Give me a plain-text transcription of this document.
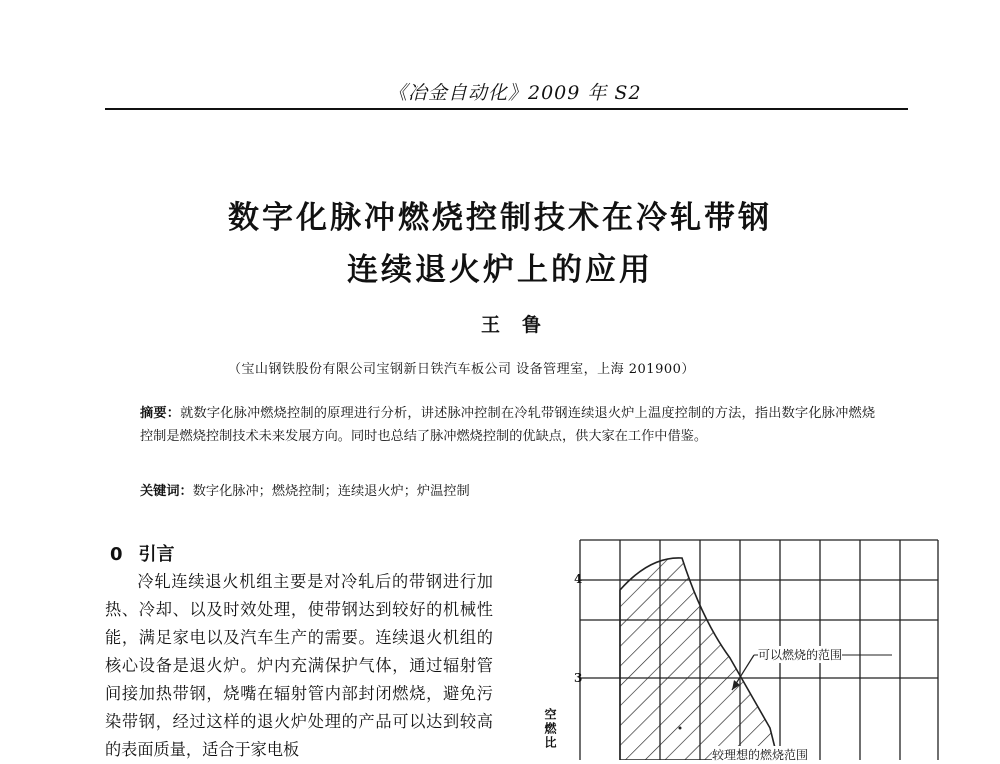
《冶金自动化》2009 年 S2
数字化脉冲燃烧控制技术在冷轧带钢
连续退火炉上的应用
王鲁
（宝山钢铁股份有限公司宝钢新日铁汽车板公司 设备管理室，上海 201900）
摘要：就数字化脉冲燃烧控制的原理进行分析，讲述脉冲控制在冷轧带钢连续退火炉上温度控制的方法，指出数字化脉冲燃烧控制是燃烧控制技术未来发展方向。同时也总结了脉冲燃烧控制的优缺点，供大家在工作中借鉴。
关键词：数字化脉冲；燃烧控制；连续退火炉；炉温控制
0 引言

冷轧连续退火机组主要是对冷轧后的带钢进行加热、冷却、以及时效处理，使带钢达到较好的机械性能，满足家电以及汽车生产的需要。连续退火机组的核心设备是退火炉。炉内充满保护气体，通过辐射管间接加热带钢，烧嘴在辐射管内部封闭燃烧，避免污染带钢，经过这样的退火炉处理的产品可以达到较高的表面质量，适合于家电板

4
3
空燃比
可以燃烧的范围
较理想的燃烧范围
